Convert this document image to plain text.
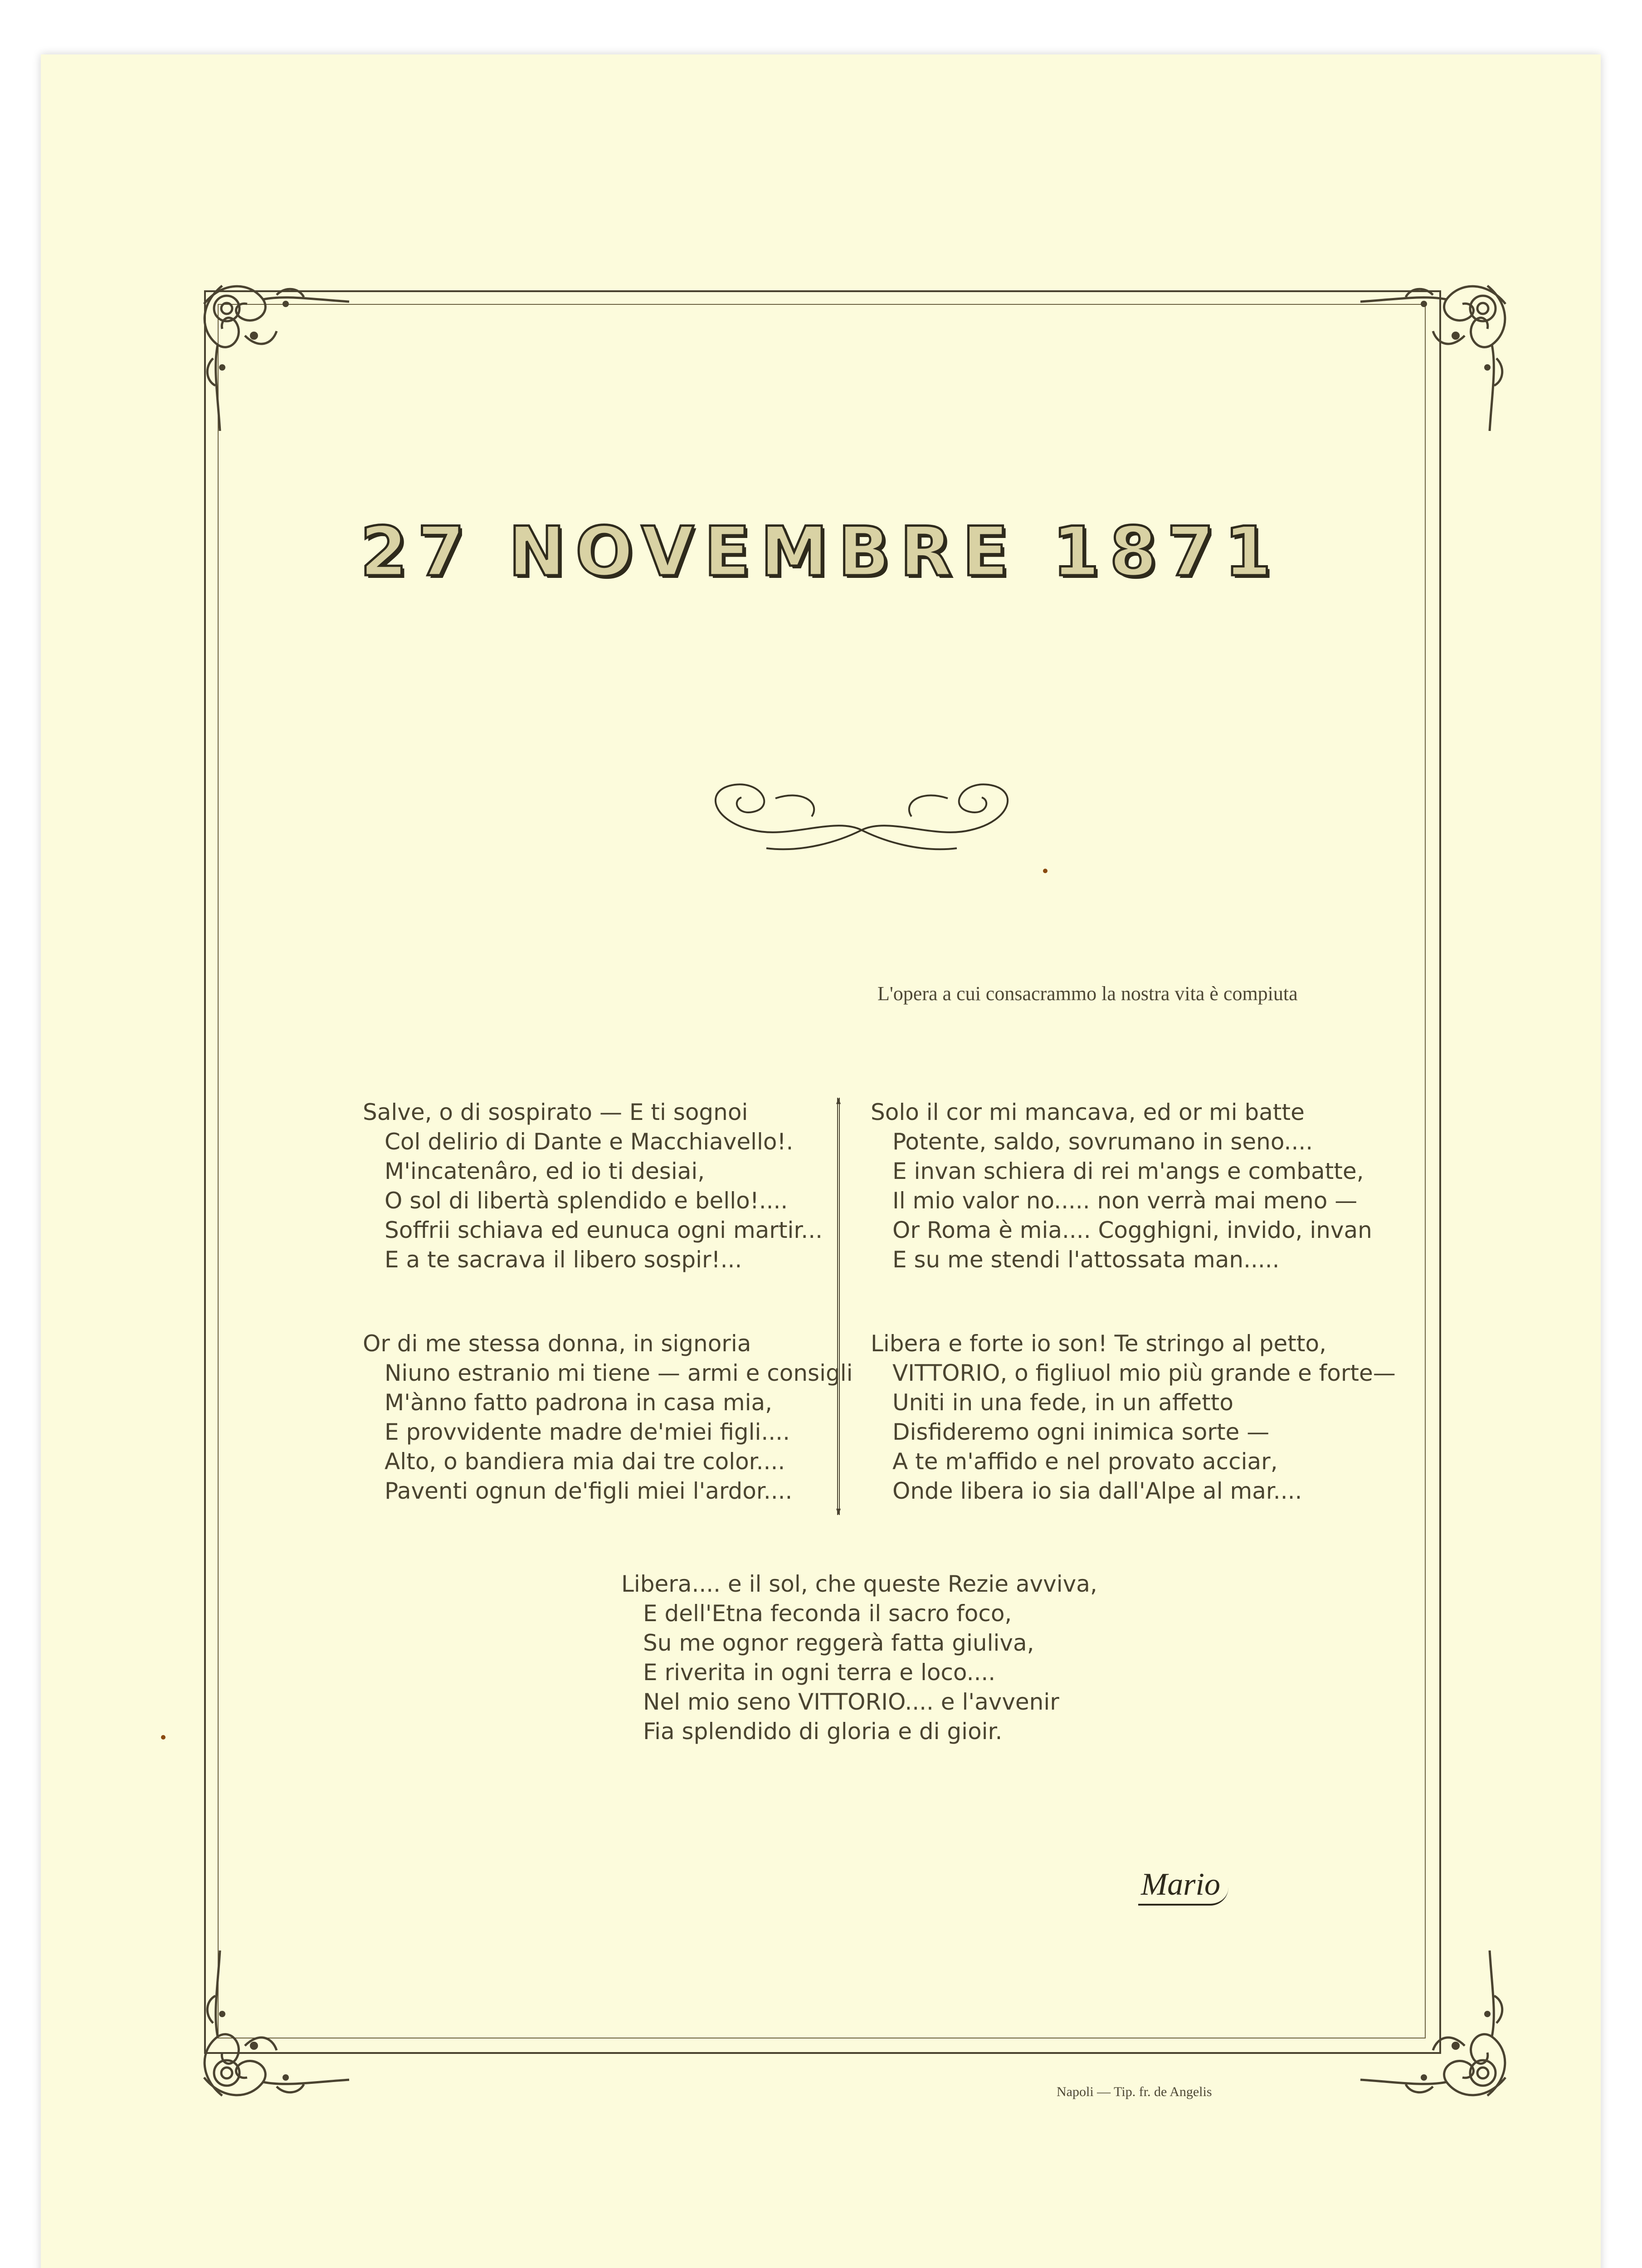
27 NOVEMBRE 1871
L'opera a cui consacrammo la nostra vita è compiuta
Salve, o di sospirato — E ti sognoi
Col delirio di Dante e Macchiavello!.
M'incatenâro, ed io ti desiai,
O sol di libertà splendido e bello!....
Soffrii schiava ed eunuca ogni martir...
E a te sacrava il libero sospir!...
Or di me stessa donna, in signoria
Niuno estranio mi tiene — armi e consigli
M'ànno fatto padrona in casa mia,
E provvidente madre de'miei figli....
Alto, o bandiera mia dai tre color....
Paventi ognun de'figli miei l'ardor....
Solo il cor mi mancava, ed or mi batte
Potente, saldo, sovrumano in seno....
E invan schiera di rei m'angs e combatte,
Il mio valor no..... non verrà mai meno —
Or Roma è mia.... Cogghigni, invido, invan
E su me stendi l'attossata man.....
Libera e forte io son! Te stringo al petto,
VITTORIO, o figliuol mio più grande e forte—
Uniti in una fede, in un affetto
Disfideremo ogni inimica sorte —
A te m'affido e nel provato acciar,
Onde libera io sia dall'Alpe al mar....
Libera.... e il sol, che queste Rezie avviva,
E dell'Etna feconda il sacro foco,
Su me ognor reggerà fatta giuliva,
E riverita in ogni terra e loco....
Nel mio seno VITTORIO.... e l'avvenir
Fia splendido di gloria e di gioir.
Mario
Napoli — Tip. fr. de Angelis
